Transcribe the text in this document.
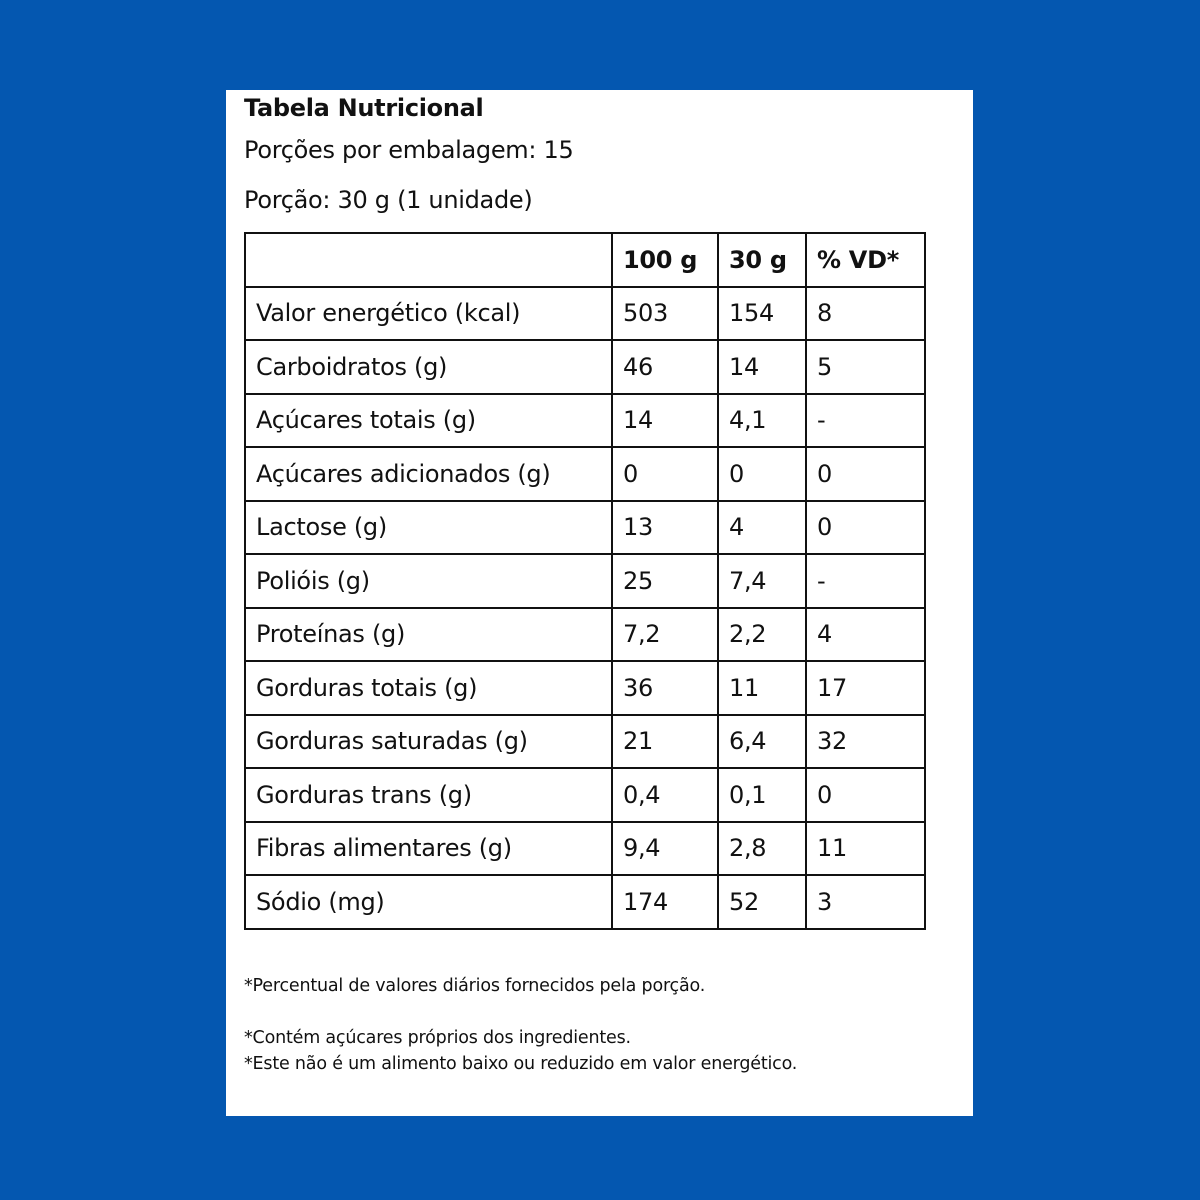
Tabela Nutricional
Porções por embalagem: 15
Porção: 30 g (1 unidade)
	100 g	30 g	% VD*
Valor energético (kcal)	503	154	8
Carboidratos (g)	46	14	5
Açúcares totais (g)	14	4,1	-
Açúcares adicionados (g)	0	0	0
Lactose (g)	13	4	0
Polióis (g)	25	7,4	-
Proteínas (g)	7,2	2,2	4
Gorduras totais (g)	36	11	17
Gorduras saturadas (g)	21	6,4	32
Gorduras trans (g)	0,4	0,1	0
Fibras alimentares (g)	9,4	2,8	11
Sódio (mg)	174	52	3
*Percentual de valores diários fornecidos pela porção.
*Contém açúcares próprios dos ingredientes.
*Este não é um alimento baixo ou reduzido em valor energético.
